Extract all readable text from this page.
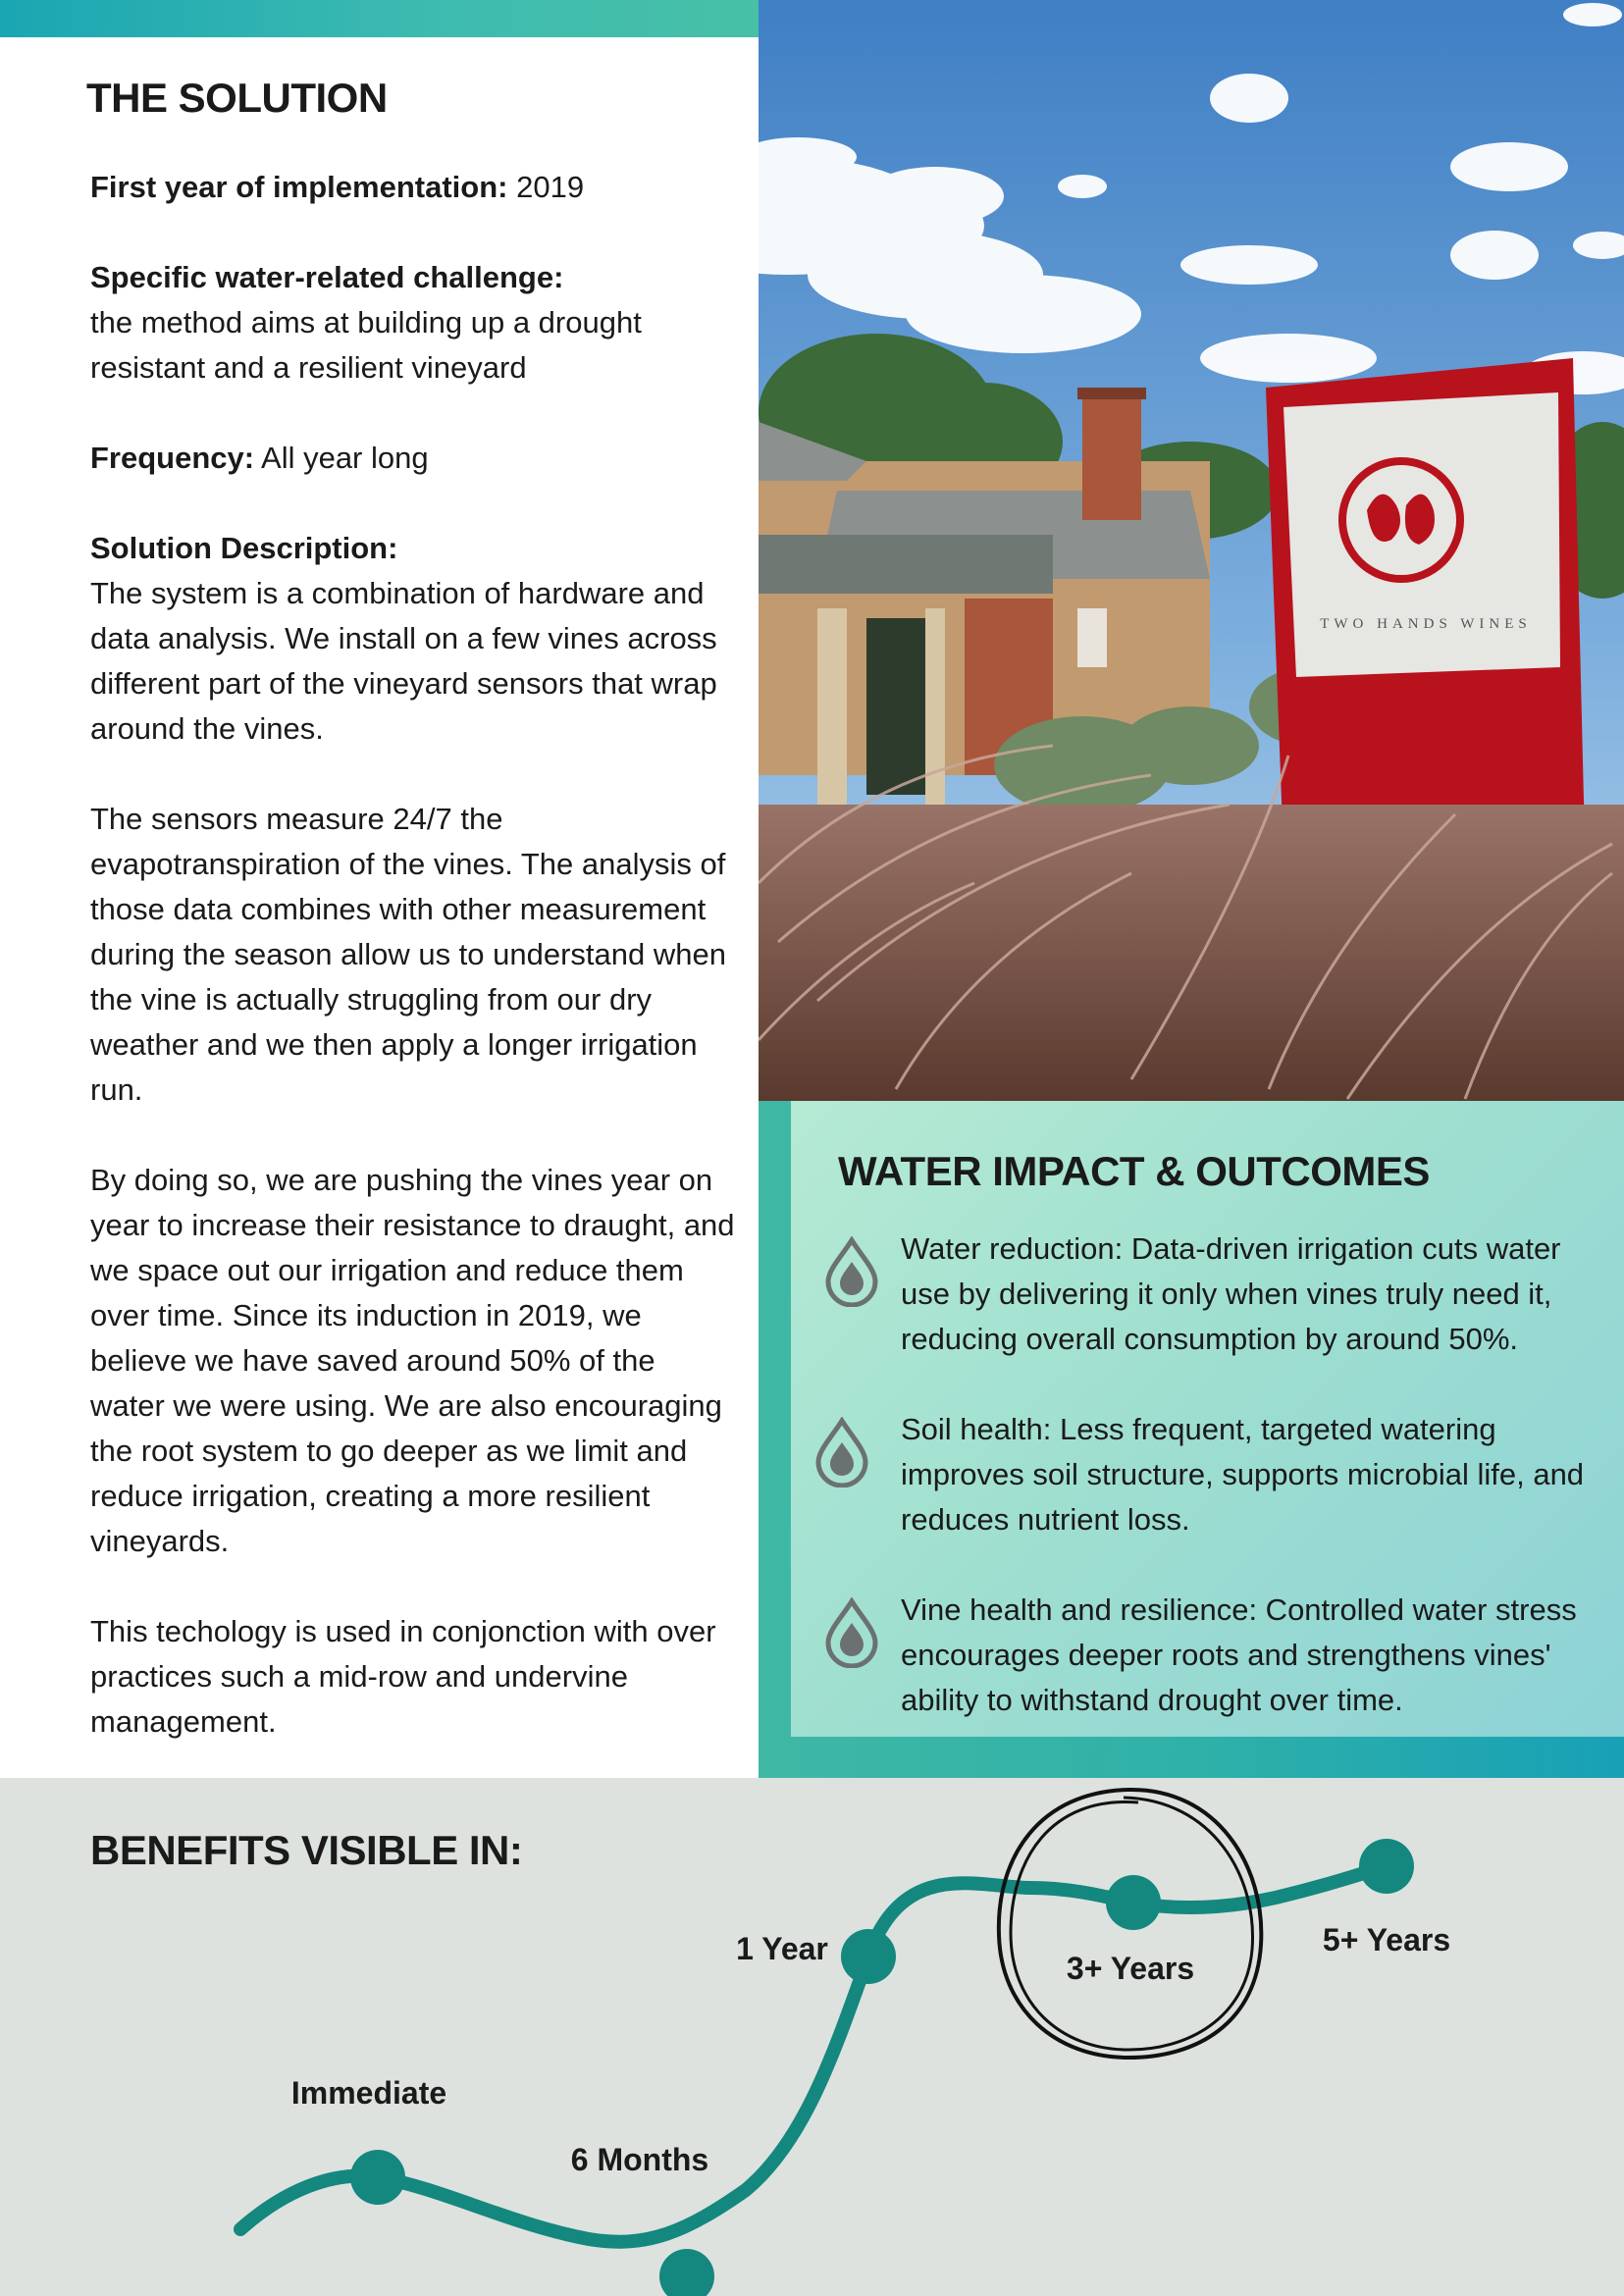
THE SOLUTION

First year of implementation: 2019

Specific water-related challenge:
the method aims at building up a drought resistant and a resilient vineyard

Frequency: All year long

Solution Description:
The system is a combination of hardware and data analysis. We install on a few vines across different part of the vineyard sensors that wrap around the vines.

The sensors measure 24/7 the evapotranspiration of the vines. The analysis of those data combines with other measurement during the season allow us to understand when the vine is actually struggling from our dry weather and we then apply a longer irrigation run.

By doing so, we are pushing the vines year on year to increase their resistance to draught, and we space out our irrigation and reduce them over time. Since its induction in 2019, we believe we have saved around 50% of the water we were using. We are also encouraging the root system to go deeper as we limit and reduce irrigation, creating a more resilient vineyards.

This techology is used in conjonction with over practices such a mid-row and undervine management.

TWO HANDS WINES
WATER IMPACT & OUTCOMES
Water reduction: Data-driven irrigation cuts water use by delivering it only when vines truly need it, reducing overall consumption by around 50%.
Soil health: Less frequent, targeted watering improves soil structure, supports microbial life, and reduces nutrient loss.
Vine health and resilience: Controlled water stress encourages deeper roots and strengthens vines' ability to withstand drought over time.
BENEFITS VISIBLE IN:
Immediate
6 Months
1 Year
3+ Years
5+ Years
